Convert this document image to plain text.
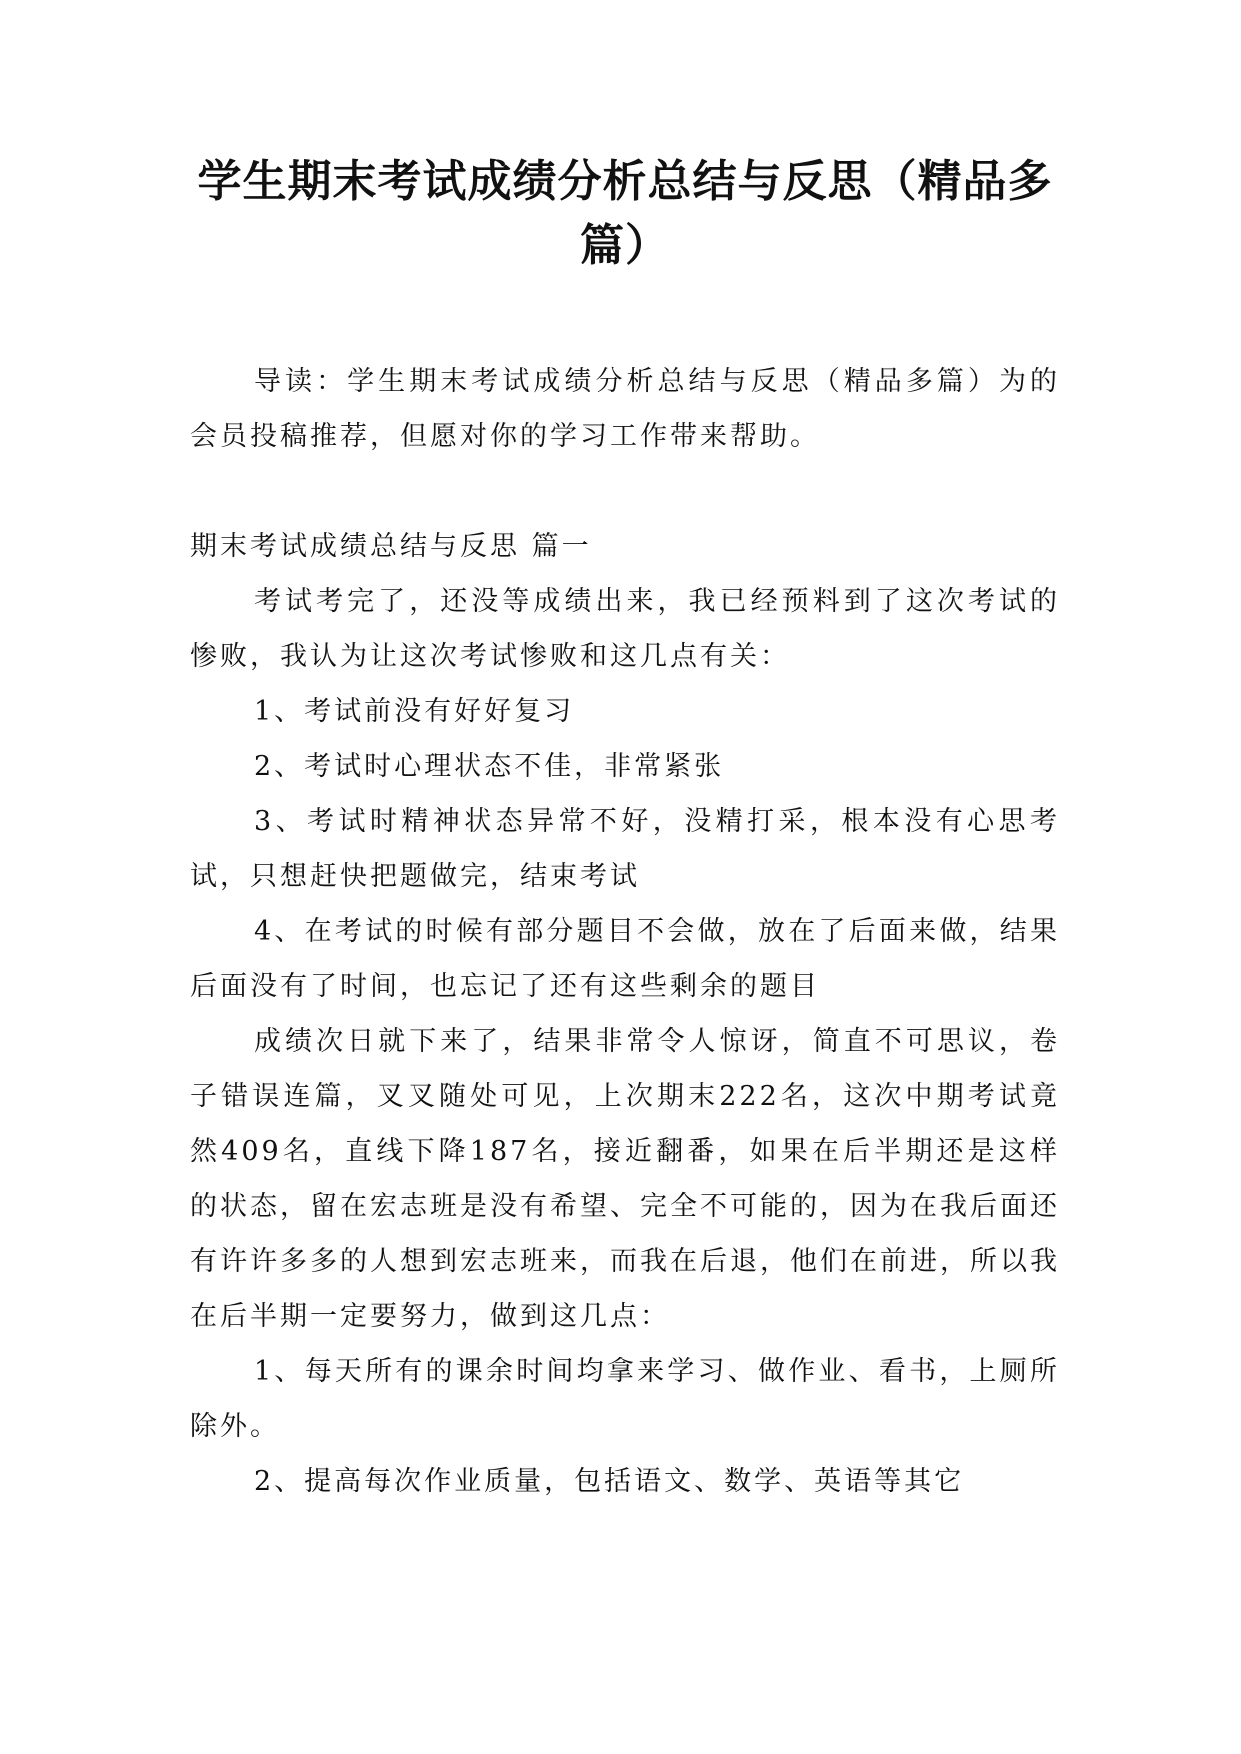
学生期末考试成绩分析总结与反思（精品多篇）

导读：学生期末考试成绩分析总结与反思（精品多篇）为的会员投稿推荐，但愿对你的学习工作带来帮助。

期末考试成绩总结与反思 篇一

考试考完了，还没等成绩出来，我已经预料到了这次考试的惨败，我认为让这次考试惨败和这几点有关：

1、考试前没有好好复习

2、考试时心理状态不佳，非常紧张

3、考试时精神状态异常不好，没精打采，根本没有心思考试，只想赶快把题做完，结束考试

4、在考试的时候有部分题目不会做，放在了后面来做，结果后面没有了时间，也忘记了还有这些剩余的题目

成绩次日就下来了，结果非常令人惊讶，简直不可思议，卷子错误连篇，叉叉随处可见，上次期末222名，这次中期考试竟然409名，直线下降187名，接近翻番，如果在后半期还是这样的状态，留在宏志班是没有希望、完全不可能的，因为在我后面还有许许多多的人想到宏志班来，而我在后退，他们在前进，所以我在后半期一定要努力，做到这几点：

1、每天所有的课余时间均拿来学习、做作业、看书，上厕所除外。

2、提高每次作业质量，包括语文、数学、英语等其它
